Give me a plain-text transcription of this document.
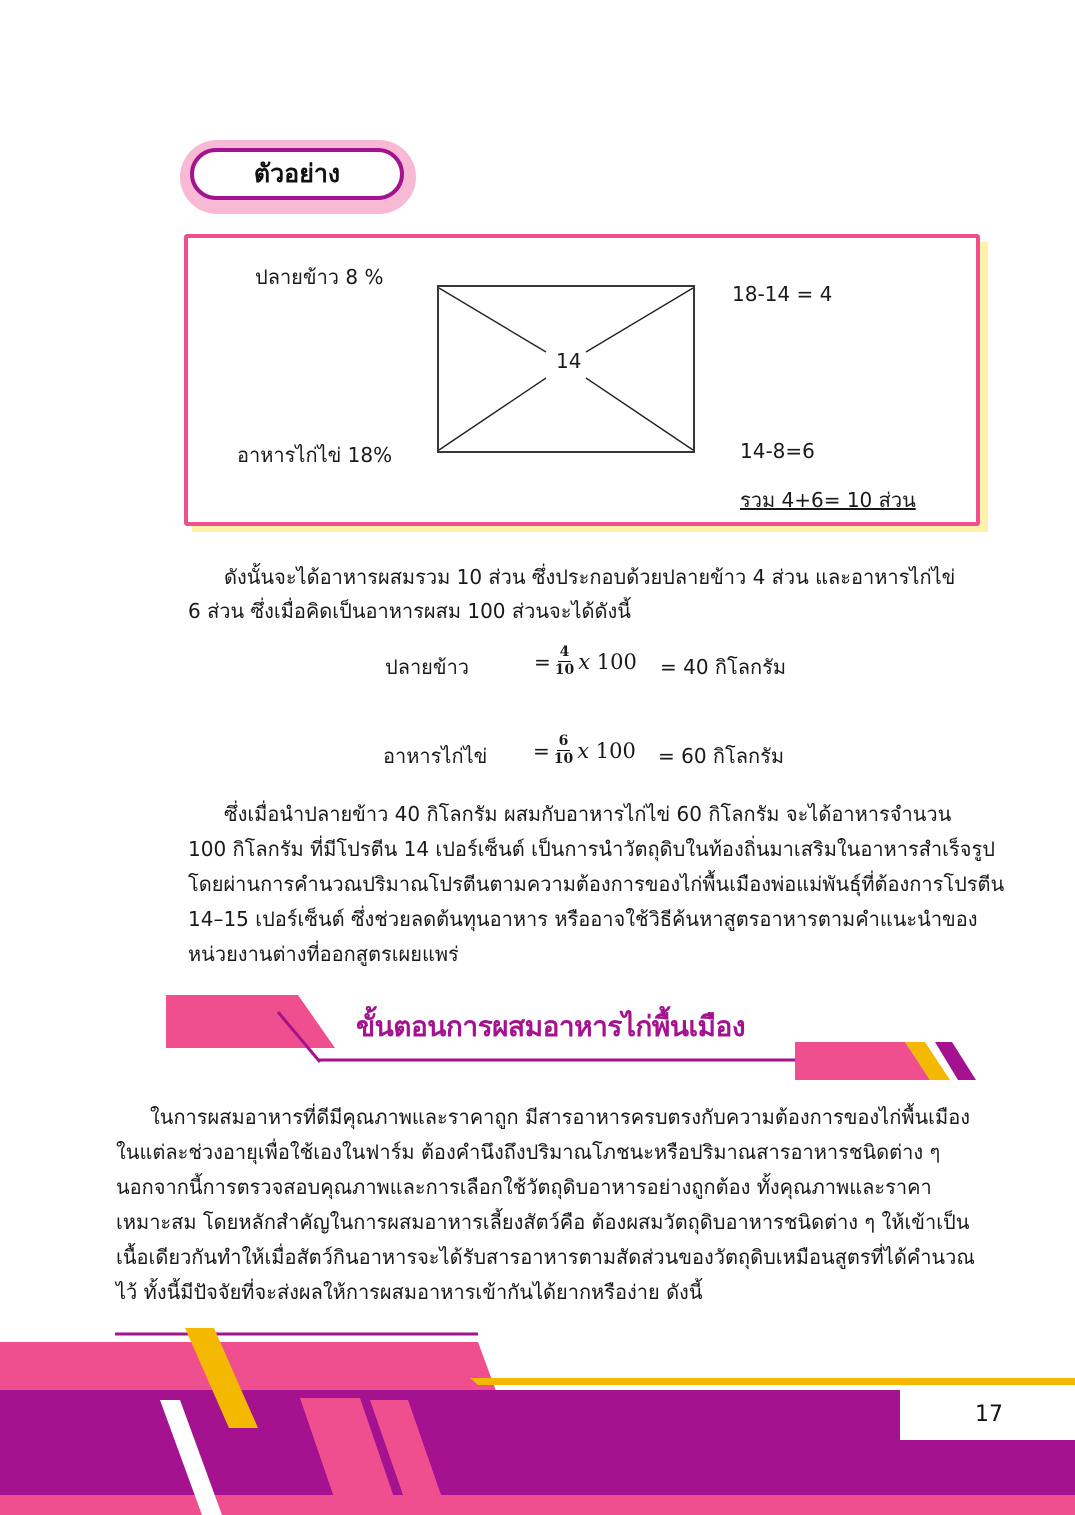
ตัวอย่าง
ปลายข้าว 8 %
อาหารไก่ไข่ 18%
14
18-14 = 4
14-8=6
รวม 4+6= 10 ส่วน
ดังนั้นจะได้อาหารผสมรวม 10 ส่วน ซึ่งประกอบด้วยปลายข้าว 4 ส่วน และอาหารไก่ไข่
6 ส่วน ซึ่งเมื่อคิดเป็นอาหารผสม 100 ส่วนจะได้ดังนี้
ปลายข้าว	= $\frac{4}{10}$ x 100 = 40 กิโลกรัม
อาหารไก่ไข่ = $\frac{6}{10}$ x 100 = 60 กิโลกรัม
ซึ่งเมื่อนำปลายข้าว 40 กิโลกรัม ผสมกับอาหารไก่ไข่ 60 กิโลกรัม จะได้อาหารจำนวน
100 กิโลกรัม ที่มีโปรตีน 14 เปอร์เซ็นต์ เป็นการนำวัตถุดิบในท้องถิ่นมาเสริมในอาหารสำเร็จรูป
โดยผ่านการคำนวณปริมาณโปรตีนตามความต้องการของไก่พื้นเมืองพ่อแม่พันธุ์ที่ต้องการโปรตีน
14–15 เปอร์เซ็นต์ ซึ่งช่วยลดต้นทุนอาหาร หรืออาจใช้วิธีค้นหาสูตรอาหารตามคำแนะนำของ
หน่วยงานต่างที่ออกสูตรเผยแพร่
ขั้นตอนการผสมอาหารไก่พื้นเมือง
ในการผสมอาหารที่ดีมีคุณภาพและราคาถูก มีสารอาหารครบตรงกับความต้องการของไก่พื้นเมือง
ในแต่ละช่วงอายุเพื่อใช้เองในฟาร์ม ต้องคำนึงถึงปริมาณโภชนะหรือปริมาณสารอาหารชนิดต่าง ๆ
นอกจากนี้การตรวจสอบคุณภาพและการเลือกใช้วัตถุดิบอาหารอย่างถูกต้อง ทั้งคุณภาพและราคา
เหมาะสม โดยหลักสำคัญในการผสมอาหารเลี้ยงสัตว์คือ ต้องผสมวัตถุดิบอาหารชนิดต่าง ๆ ให้เข้าเป็น
เนื้อเดียวกันทำให้เมื่อสัตว์กินอาหารจะได้รับสารอาหารตามสัดส่วนของวัตถุดิบเหมือนสูตรที่ได้คำนวณ
ไว้ ทั้งนี้มีปัจจัยที่จะส่งผลให้การผสมอาหารเข้ากันได้ยากหรือง่าย ดังนี้
17
